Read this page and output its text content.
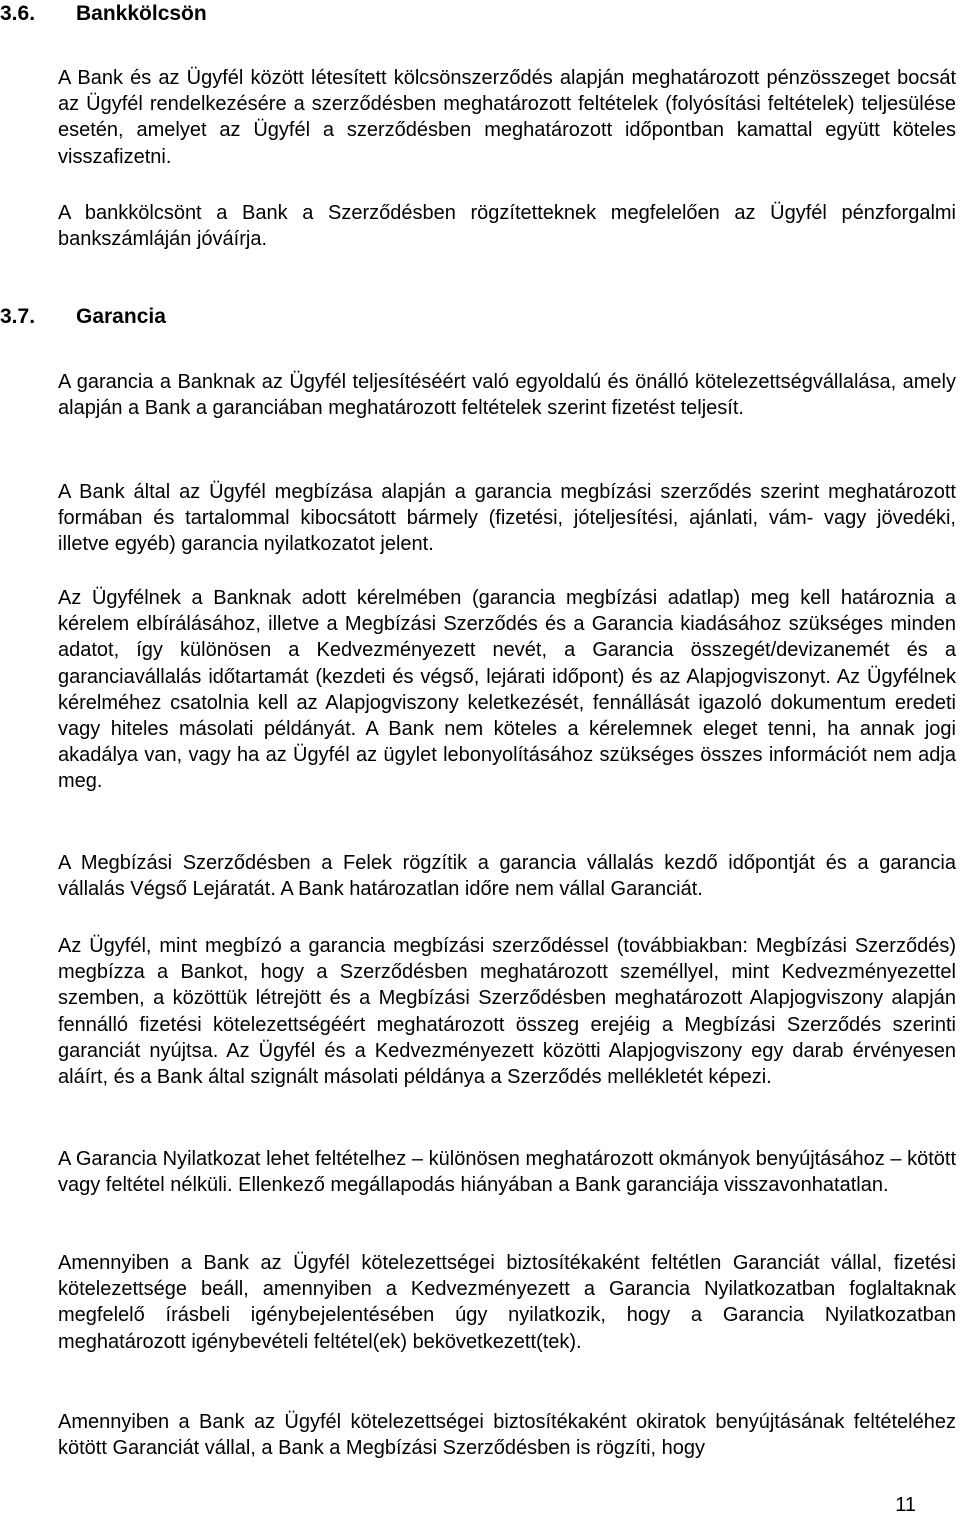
3.6. Bankkölcsön

A Bank és az Ügyfél között létesített kölcsönszerződés alapján meghatározott pénzösszeget bocsát az Ügyfél rendelkezésére a szerződésben meghatározott feltételek (folyósítási feltételek) teljesülése esetén, amelyet az Ügyfél a szerződésben meghatározott időpontban kamattal együtt köteles visszafizetni.

A bankkölcsönt a Bank a Szerződésben rögzítetteknek megfelelően az Ügyfél pénzforgalmi bankszámláján jóváírja.

3.7. Garancia

A garancia a Banknak az Ügyfél teljesítéséért való egyoldalú és önálló kötelezettségvállalása, amely alapján a Bank a garanciában meghatározott feltételek szerint fizetést teljesít.

A Bank által az Ügyfél megbízása alapján a garancia megbízási szerződés szerint meghatározott formában és tartalommal kibocsátott bármely (fizetési, jóteljesítési, ajánlati, vám- vagy jövedéki, illetve egyéb) garancia nyilatkozatot jelent.

Az Ügyfélnek a Banknak adott kérelmében (garancia megbízási adatlap) meg kell határoznia a kérelem elbírálásához, illetve a Megbízási Szerződés és a Garancia kiadásához szükséges minden adatot, így különösen a Kedvezményezett nevét, a Garancia összegét/devizanemét és a garanciavállalás időtartamát (kezdeti és végső, lejárati időpont) és az Alapjogviszonyt. Az Ügyfélnek kérelméhez csatolnia kell az Alapjogviszony keletkezését, fennállását igazoló dokumentum eredeti vagy hiteles másolati példányát. A Bank nem köteles a kérelemnek eleget tenni, ha annak jogi akadálya van, vagy ha az Ügyfél az ügylet lebonyolításához szükséges összes információt nem adja meg.

A Megbízási Szerződésben a Felek rögzítik a garancia vállalás kezdő időpontját és a garancia vállalás Végső Lejáratát. A Bank határozatlan időre nem vállal Garanciát.

Az Ügyfél, mint megbízó a garancia megbízási szerződéssel (továbbiakban: Megbízási Szerződés) megbízza a Bankot, hogy a Szerződésben meghatározott személlyel, mint Kedvezményezettel szemben, a közöttük létrejött és a Megbízási Szerződésben meghatározott Alapjogviszony alapján fennálló fizetési kötelezettségéért meghatározott összeg erejéig a Megbízási Szerződés szerinti garanciát nyújtsa. Az Ügyfél és a Kedvezményezett közötti Alapjogviszony egy darab érvényesen aláírt, és a Bank által szignált másolati példánya a Szerződés mellékletét képezi.

A Garancia Nyilatkozat lehet feltételhez – különösen meghatározott okmányok benyújtásához – kötött vagy feltétel nélküli. Ellenkező megállapodás hiányában a Bank garanciája visszavonhatatlan.

Amennyiben a Bank az Ügyfél kötelezettségei biztosítékaként feltétlen Garanciát vállal, fizetési kötelezettsége beáll, amennyiben a Kedvezményezett a Garancia Nyilatkozatban foglaltaknak megfelelő írásbeli igénybejelentésében úgy nyilatkozik, hogy a Garancia Nyilatkozatban meghatározott igénybevételi feltétel(ek) bekövetkezett(tek).

Amennyiben a Bank az Ügyfél kötelezettségei biztosítékaként okiratok benyújtásának feltételéhez kötött Garanciát vállal, a Bank a Megbízási Szerződésben is rögzíti, hogy

11
